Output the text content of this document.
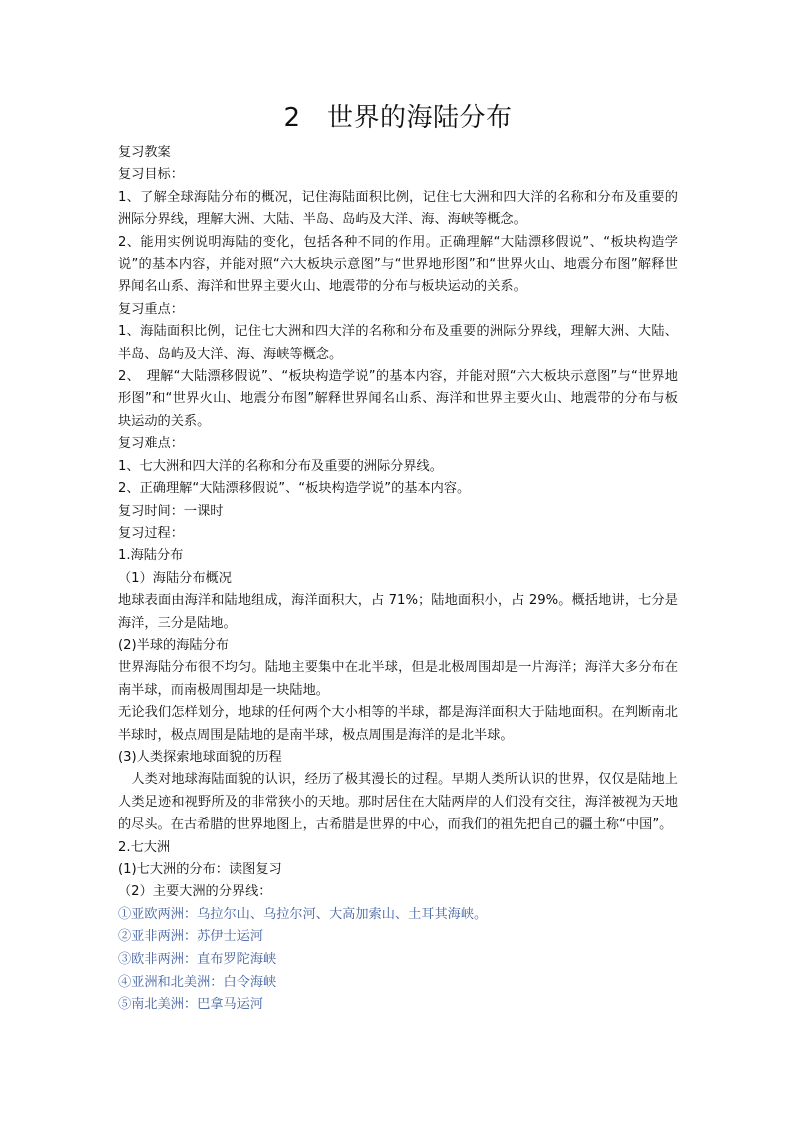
2　世界的海陆分布

复习教案

复习目标：

1、了解全球海陆分布的概况，记住海陆面积比例，记住七大洲和四大洋的名称和分布及重要的洲际分界线，理解大洲、大陆、半岛、岛屿及大洋、海、海峡等概念。

2、能用实例说明海陆的变化，包括各种不同的作用。正确理解“大陆漂移假说”、“板块构造学说”的基本内容，并能对照“六大板块示意图”与“世界地形图”和“世界火山、地震分布图”解释世界闻名山系、海洋和世界主要火山、地震带的分布与板块运动的关系。

复习重点：

1、海陆面积比例，记住七大洲和四大洋的名称和分布及重要的洲际分界线，理解大洲、大陆、半岛、岛屿及大洋、海、海峡等概念。

2、　理解“大陆漂移假说”、“板块构造学说”的基本内容，并能对照“六大板块示意图”与“世界地形图”和“世界火山、地震分布图”解释世界闻名山系、海洋和世界主要火山、地震带的分布与板块运动的关系。

复习难点：

1、七大洲和四大洋的名称和分布及重要的洲际分界线。

2、正确理解“大陆漂移假说”、“板块构造学说”的基本内容。

复习时间：一课时

复习过程：

1.海陆分布

（1）海陆分布概况

地球表面由海洋和陆地组成，海洋面积大，占 71%；陆地面积小，占 29%。概括地讲，七分是海洋，三分是陆地。

(2)半球的海陆分布

世界海陆分布很不均匀。陆地主要集中在北半球，但是北极周围却是一片海洋；海洋大多分布在南半球，而南极周围却是一块陆地。

无论我们怎样划分，地球的任何两个大小相等的半球，都是海洋面积大于陆地面积。在判断南北半球时，极点周围是陆地的是南半球，极点周围是海洋的是北半球。

(3)人类探索地球面貌的历程

　人类对地球海陆面貌的认识，经历了极其漫长的过程。早期人类所认识的世界，仅仅是陆地上人类足迹和视野所及的非常狭小的天地。那时居住在大陆两岸的人们没有交往，海洋被视为天地的尽头。在古希腊的世界地图上，古希腊是世界的中心，而我们的祖先把自己的疆土称“中国”。

2.七大洲

(1)七大洲的分布：读图复习

（2）主要大洲的分界线：

①亚欧两洲：乌拉尔山、乌拉尔河、大高加索山、土耳其海峡。

②亚非两洲：苏伊士运河

③欧非两洲：直布罗陀海峡

④亚洲和北美洲：白令海峡

⑤南北美洲：巴拿马运河
